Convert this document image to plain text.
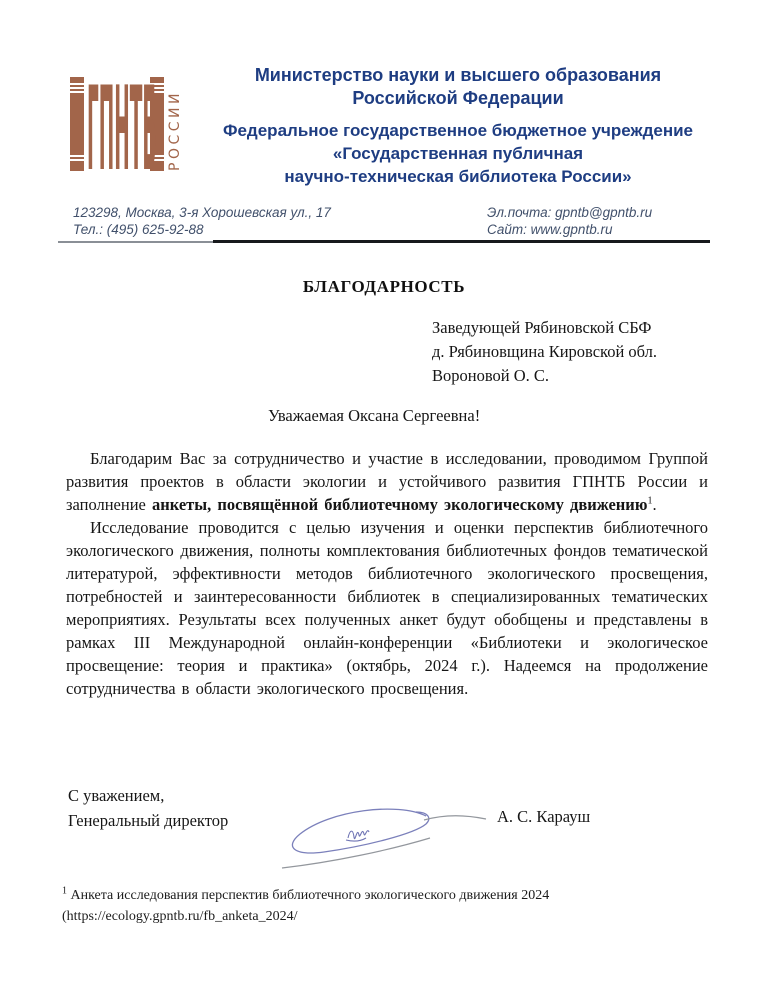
ГПНТБ РОССИИ
Министерство науки и высшего образования
Российской Федерации
Федеральное государственное бюджетное учреждение
«Государственная публичная
научно-техническая библиотека России»
123298, Москва, 3-я Хорошевская ул., 17
Тел.: (495) 625-92-88
Эл.почта: gpntb@gpntb.ru
Сайт: www.gpntb.ru
БЛАГОДАРНОСТЬ
Заведующей Рябиновской СБФ
д. Рябиновщина Кировской обл.
Вороновой О. С.
Уважаемая Оксана Сергеевна!

Благодарим Вас за сотрудничество и участие в исследовании, проводимом Группой развития проектов в области экологии и устойчивого развития ГПНТБ России и заполнение анкеты, посвящённой библиотечному экологическому движению$^1$.

Исследование проводится с целью изучения и оценки перспектив библиотечного экологического движения, полноты комплектования библиотечных фондов тематической литературой, эффективности методов библиотечного экологического просвещения, потребностей и заинтересованности библиотек в специализированных тематических мероприятиях. Результаты всех полученных анкет будут обобщены и представлены в рамках III Международной онлайн-конференции «Библиотеки и экологическое просвещение: теория и практика» (октябрь, 2024 г.). Надеемся на продолжение сотрудничества в области экологического просвещения.

С уважением,
Генеральный директор	А. С. Карауш
$^1$ Анкета исследования перспектив библиотечного экологического движения 2024
(https://ecology.gpntb.ru/fb_anketa_2024/
